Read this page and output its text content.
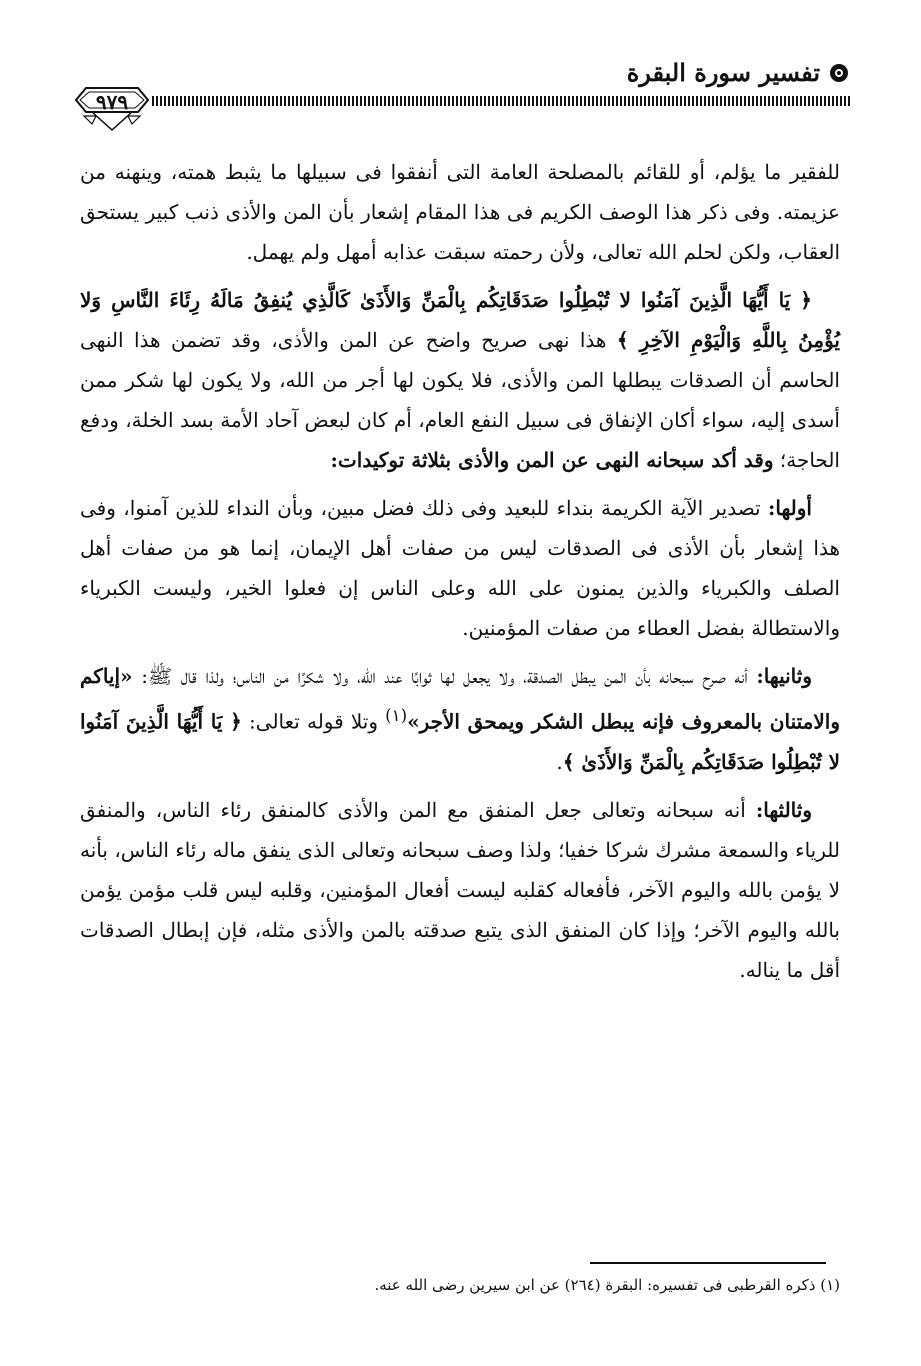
تفسير سورة البقرة
٩٧٩

للفقير ما يؤلم، أو للقائم بالمصلحة العامة التى أنفقوا فى سبيلها ما يثبط همته، وينهنه من عزيمته. وفى ذكر هذا الوصف الكريم فى هذا المقام إشعار بأن المن والأذى ذنب كبير يستحق العقاب، ولكن لحلم الله تعالى، ولأن رحمته سبقت عذابه أمهل ولم يهمل.

﴿ يَا أَيُّهَا الَّذِينَ آمَنُوا لا تُبْطِلُوا صَدَقَاتِكُم بِالْمَنِّ وَالأَذَىٰ كَالَّذِي يُنفِقُ مَالَهُ رِئَاءَ النَّاسِ وَلا يُؤْمِنُ بِاللَّهِ وَالْيَوْمِ الآخِرِ ﴾ هذا نهى صريح واضح عن المن والأذى، وقد تضمن هذا النهى الحاسم أن الصدقات يبطلها المن والأذى، فلا يكون لها أجر من الله، ولا يكون لها شكر ممن أسدى إليه، سواء أكان الإنفاق فى سبيل النفع العام، أم كان لبعض آحاد الأمة بسد الخلة، ودفع الحاجة؛ وقد أكد سبحانه النهى عن المن والأذى بثلاثة توكيدات:

أولها: تصدير الآية الكريمة بنداء للبعيد وفى ذلك فضل مبين، وبأن النداء للذين آمنوا، وفى هذا إشعار بأن الأذى فى الصدقات ليس من صفات أهل الإيمان، إنما هو من صفات أهل الصلف والكبرياء والذين يمنون على الله وعلى الناس إن فعلوا الخير، وليست الكبرياء والاستطالة بفضل العطاء من صفات المؤمنين.

وثانيها: أنه صرح سبحانه بأن المن يبطل الصدقة، ولا يجعل لها ثوابًا عند الله، ولا شكرًا من الناس؛ ولذا قال ﷺ: «إياكم والامتنان بالمعروف فإنه يبطل الشكر ويمحق الأجر»$^{(١)}$ وتلا قوله تعالى: ﴿ يَا أَيُّهَا الَّذِينَ آمَنُوا لا تُبْطِلُوا صَدَقَاتِكُم بِالْمَنِّ وَالأَذَىٰ ﴾.

وثالثها: أنه سبحانه وتعالى جعل المنفق مع المن والأذى كالمنفق رئاء الناس، والمنفق للرياء والسمعة مشرك شركا خفيا؛ ولذا وصف سبحانه وتعالى الذى ينفق ماله رئاء الناس، بأنه لا يؤمن بالله واليوم الآخر، فأفعاله كقلبه ليست أفعال المؤمنين، وقلبه ليس قلب مؤمن يؤمن بالله واليوم الآخر؛ وإذا كان المنفق الذى يتبع صدقته بالمن والأذى مثله، فإن إبطال الصدقات أقل ما يناله.

(١) ذكره القرطبى فى تفسيره: البقرة (٢٦٤) عن ابن سيرين رضى الله عنه.
